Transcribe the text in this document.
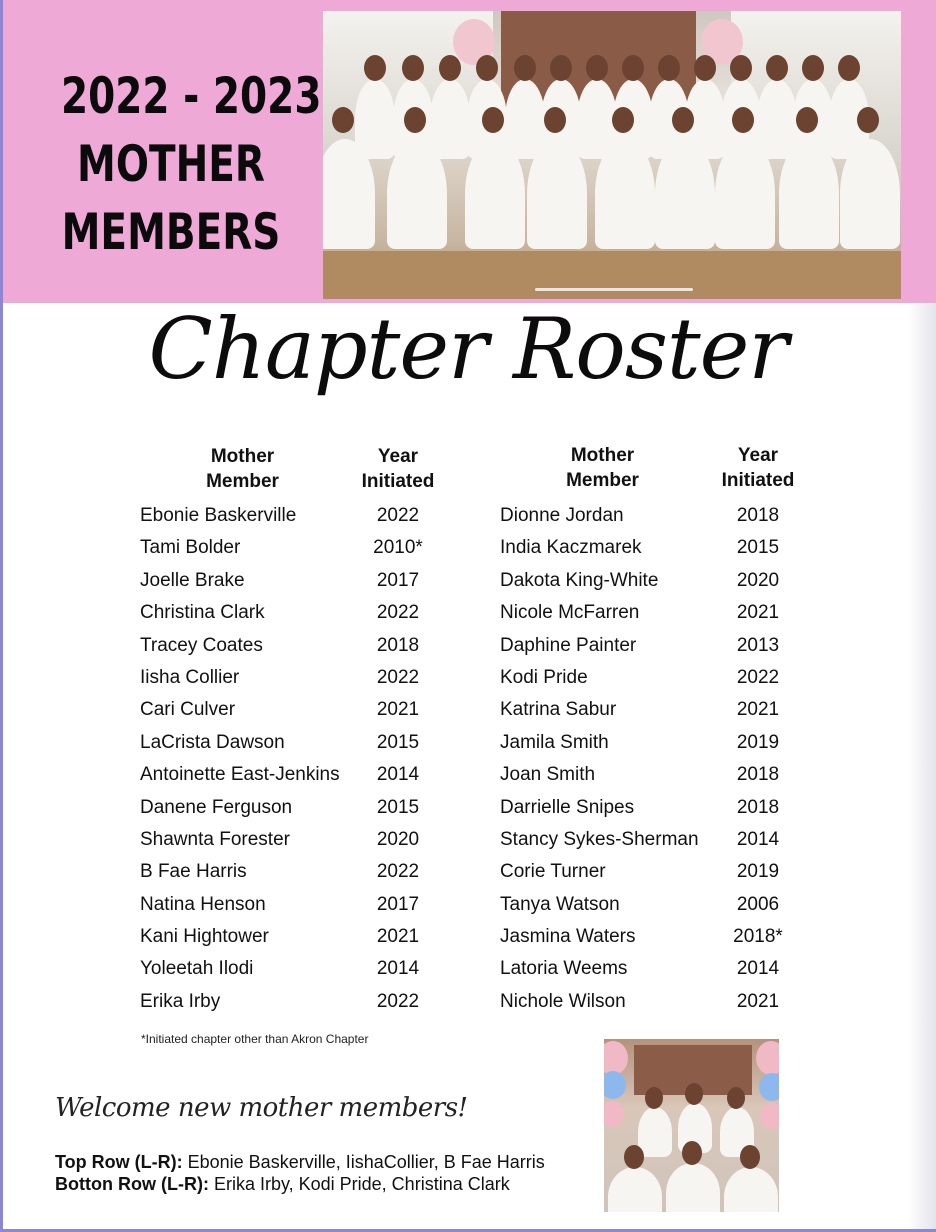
2022 - 2023
MOTHER
MEMBERS
Chapter Roster
Mother
Member
Year
Initiated
Ebonie Baskerville	2022
Tami Bolder	2010*
Joelle Brake	2017
Christina Clark	2022
Tracey Coates	2018
Iisha Collier	2022
Cari Culver	2021
LaCrista Dawson	2015
Antoinette East-Jenkins	2014
Danene Ferguson	2015
Shawnta Forester	2020
B Fae Harris	2022
Natina Henson	2017
Kani Hightower	2021
Yoleetah Ilodi	2014
Erika Irby	2022
Mother
Member
Year
Initiated
Dionne Jordan	2018
India Kaczmarek	2015
Dakota King-White	2020
Nicole McFarren	2021
Daphine Painter	2013
Kodi Pride	2022
Katrina Sabur	2021
Jamila Smith	2019
Joan Smith	2018
Darrielle Snipes	2018
Stancy Sykes-Sherman	2014
Corie Turner	2019
Tanya Watson	2006
Jasmina Waters	2018*
Latoria Weems	2014
Nichole Wilson	2021
*Initiated chapter other than Akron Chapter
Welcome new mother members!
Top Row (L-R): Ebonie Baskerville, IishaCollier, B Fae Harris
Botton Row (L-R): Erika Irby, Kodi Pride, Christina Clark
